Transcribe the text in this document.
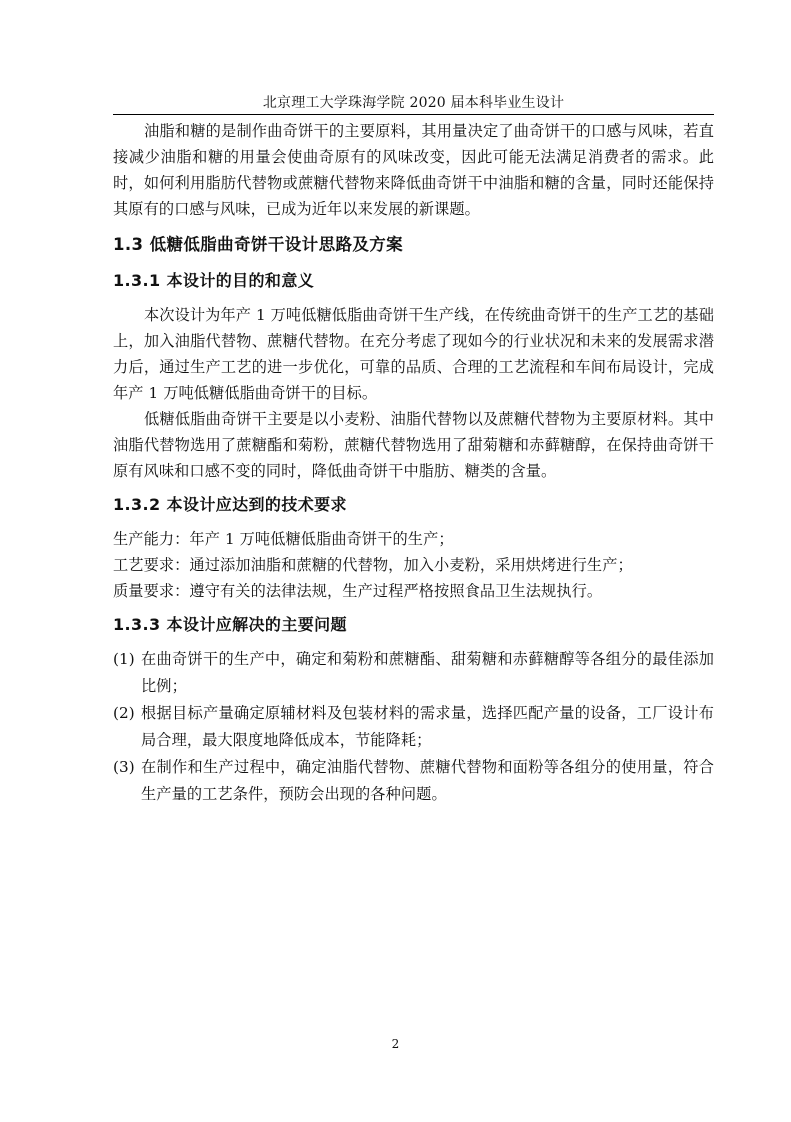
北京理工大学珠海学院 2020 届本科毕业生设计

油脂和糖的是制作曲奇饼干的主要原料，其用量决定了曲奇饼干的口感与风味，若直接减少油脂和糖的用量会使曲奇原有的风味改变，因此可能无法满足消费者的需求。此时，如何利用脂肪代替物或蔗糖代替物来降低曲奇饼干中油脂和糖的含量，同时还能保持其原有的口感与风味，已成为近年以来发展的新课题。

1.3 低糖低脂曲奇饼干设计思路及方案
1.3.1 本设计的目的和意义

本次设计为年产 1 万吨低糖低脂曲奇饼干生产线，在传统曲奇饼干的生产工艺的基础上，加入油脂代替物、蔗糖代替物。在充分考虑了现如今的行业状况和未来的发展需求潜力后，通过生产工艺的进一步优化，可靠的品质、合理的工艺流程和车间布局设计，完成年产 1 万吨低糖低脂曲奇饼干的目标。

低糖低脂曲奇饼干主要是以小麦粉、油脂代替物以及蔗糖代替物为主要原材料。其中油脂代替物选用了蔗糖酯和菊粉，蔗糖代替物选用了甜菊糖和赤藓糖醇，在保持曲奇饼干原有风味和口感不变的同时，降低曲奇饼干中脂肪、糖类的含量。

1.3.2 本设计应达到的技术要求
生产能力：年产 1 万吨低糖低脂曲奇饼干的生产；
工艺要求：通过添加油脂和蔗糖的代替物，加入小麦粉，采用烘烤进行生产；
质量要求：遵守有关的法律法规，生产过程严格按照食品卫生法规执行。
1.3.3 本设计应解决的主要问题
(1) 在曲奇饼干的生产中，确定和菊粉和蔗糖酯、甜菊糖和赤藓糖醇等各组分的最佳添加比例；
(2) 根据目标产量确定原辅材料及包装材料的需求量，选择匹配产量的设备，工厂设计布局合理，最大限度地降低成本，节能降耗；
(3) 在制作和生产过程中，确定油脂代替物、蔗糖代替物和面粉等各组分的使用量，符合生产量的工艺条件，预防会出现的各种问题。
2
